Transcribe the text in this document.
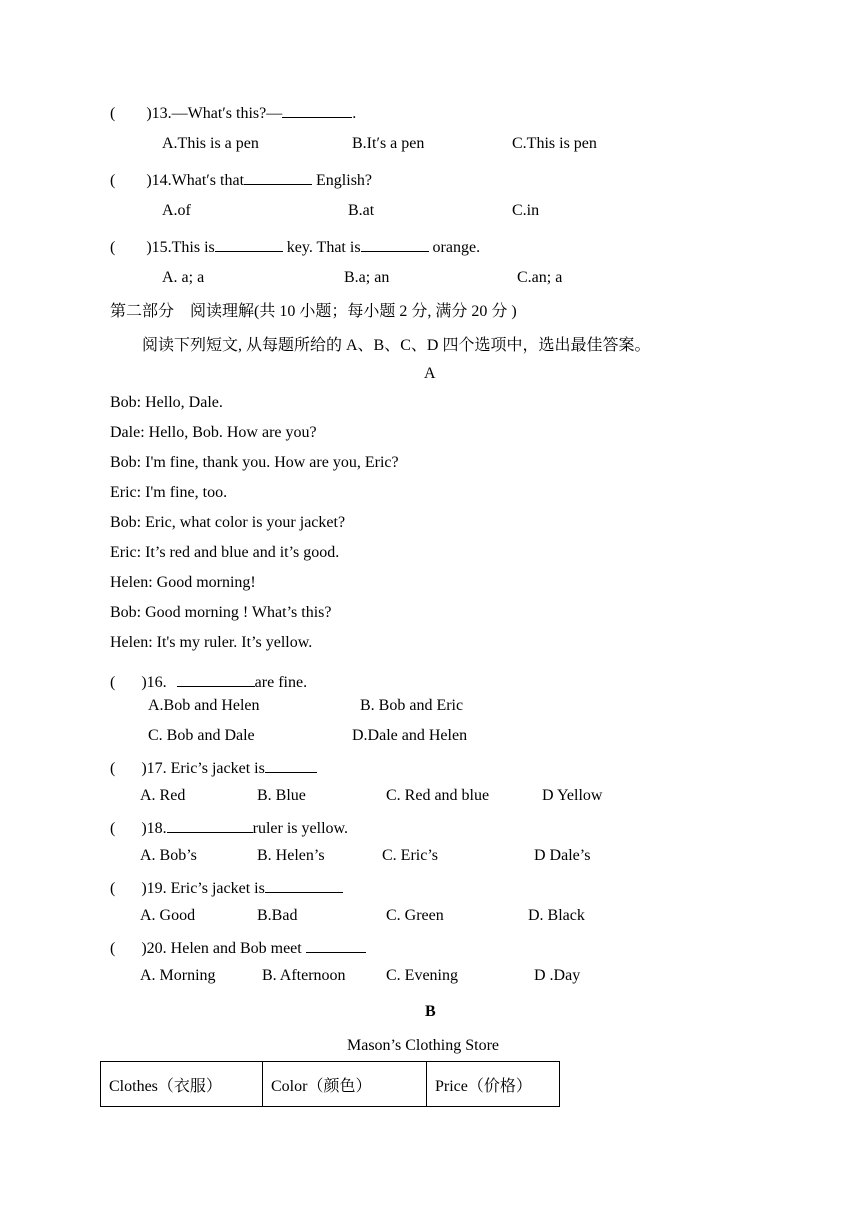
( )13.—What′s this?—	.
A.This is a pen	B.It′s a pen	C.This is pen
( )14.What′s that	English?
A.of	B.at	C.in
( )15.This is	key. That is	orange.
A. a; a	B.a; an	C.an; a
第二部分　阅读理解(共 10 小题；每小题 2 分, 满分 20 分 )
阅读下列短文, 从每题所给的 A、B、C、D 四个选项中，选出最佳答案。
A
Bob: Hello, Dale.
Dale: Hello, Bob. How are you?
Bob: I'm fine, thank you. How are you, Eric?
Eric: I'm fine, too.
Bob: Eric, what color is your jacket?
Eric: It’s red and blue and it’s good.
Helen: Good morning!
Bob: Good morning ! What’s this?
Helen: It's my ruler. It’s yellow.
( )16.	are fine.
A.Bob and Helen	B. Bob and Eric
C. Bob and Dale	D.Dale and Helen
( )17. Eric’s jacket is
A. Red	B. Blue	C. Red and blue	D Yellow
( )18.	ruler is yellow.
A. Bob’s	B. Helen’s	C. Eric’s	D Dale’s
( )19. Eric’s jacket is
A. Good	B.Bad	C. Green	D. Black
( )20. Helen and Bob meet
A. Morning	B. Afternoon	C. Evening	D .Day
B
Mason’s Clothing Store
Clothes（衣服）	Color（颜色）	Price（价格）
